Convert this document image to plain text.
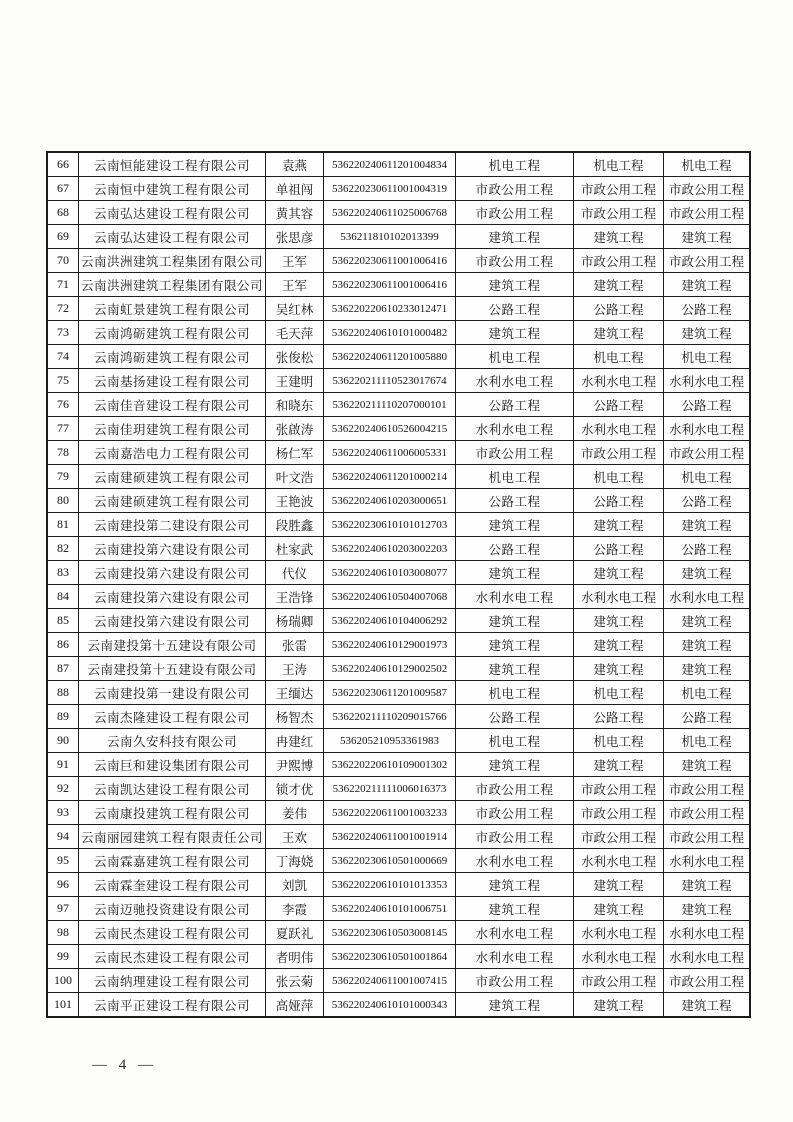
66	云南恒能建设工程有限公司	袁燕	536220240611201004834	机电工程	机电工程	机电工程
67	云南恒中建筑工程有限公司	单祖闯	536220230611001004319	市政公用工程	市政公用工程	市政公用工程
68	云南弘达建设工程有限公司	黄其容	536220240611025006768	市政公用工程	市政公用工程	市政公用工程
69	云南弘达建设工程有限公司	张思彦	536211810102013399	建筑工程	建筑工程	建筑工程
70	云南洪洲建筑工程集团有限公司	王军	536220230611001006416	市政公用工程	市政公用工程	市政公用工程
71	云南洪洲建筑工程集团有限公司	王军	536220230611001006416	建筑工程	建筑工程	建筑工程
72	云南虹景建筑工程有限公司	吴红林	536220220610233012471	公路工程	公路工程	公路工程
73	云南鸿砺建筑工程有限公司	毛天萍	536220240610101000482	建筑工程	建筑工程	建筑工程
74	云南鸿砺建筑工程有限公司	张俊松	536220240611201005880	机电工程	机电工程	机电工程
75	云南基扬建设工程有限公司	王建明	536220211110523017674	水利水电工程	水利水电工程	水利水电工程
76	云南佳音建设工程有限公司	和晓东	536220211110207000101	公路工程	公路工程	公路工程
77	云南佳玥建筑工程有限公司	张啟涛	536220240610526004215	水利水电工程	水利水电工程	水利水电工程
78	云南嘉浩电力工程有限公司	杨仁军	536220240611006005331	市政公用工程	市政公用工程	市政公用工程
79	云南建硕建筑工程有限公司	叶文浩	536220240611201000214	机电工程	机电工程	机电工程
80	云南建硕建筑工程有限公司	王艳波	536220240610203000651	公路工程	公路工程	公路工程
81	云南建投第二建设有限公司	段胜鑫	536220230610101012703	建筑工程	建筑工程	建筑工程
82	云南建投第六建设有限公司	杜家武	536220240610203002203	公路工程	公路工程	公路工程
83	云南建投第六建设有限公司	代仪	536220240610103008077	建筑工程	建筑工程	建筑工程
84	云南建投第六建设有限公司	王浩锋	536220240610504007068	水利水电工程	水利水电工程	水利水电工程
85	云南建投第六建设有限公司	杨瑞卿	536220240610104006292	建筑工程	建筑工程	建筑工程
86	云南建投第十五建设有限公司	张雷	536220240610129001973	建筑工程	建筑工程	建筑工程
87	云南建投第十五建设有限公司	王涛	536220240610129002502	建筑工程	建筑工程	建筑工程
88	云南建投第一建设有限公司	王缅达	536220230611201009587	机电工程	机电工程	机电工程
89	云南杰隆建设工程有限公司	杨智杰	536220211110209015766	公路工程	公路工程	公路工程
90	云南久安科技有限公司	冉建红	536205210953361983	机电工程	机电工程	机电工程
91	云南巨和建设集团有限公司	尹熙博	536220220610109001302	建筑工程	建筑工程	建筑工程
92	云南凯达建设工程有限公司	锁才优	536220211111006016373	市政公用工程	市政公用工程	市政公用工程
93	云南康投建筑工程有限公司	姜伟	536220220611001003233	市政公用工程	市政公用工程	市政公用工程
94	云南丽园建筑工程有限责任公司	王欢	536220240611001001914	市政公用工程	市政公用工程	市政公用工程
95	云南霖嘉建筑工程有限公司	丁海娆	536220230610501000669	水利水电工程	水利水电工程	水利水电工程
96	云南霖奎建设工程有限公司	刘凯	536220220610101013353	建筑工程	建筑工程	建筑工程
97	云南迈驰投资建设有限公司	李霞	536220240610101006751	建筑工程	建筑工程	建筑工程
98	云南民杰建设工程有限公司	夏跃礼	536220230610503008145	水利水电工程	水利水电工程	水利水电工程
99	云南民杰建设工程有限公司	者明伟	536220230610501001864	水利水电工程	水利水电工程	水利水电工程
100	云南纳理建设工程有限公司	张云菊	536220240611001007415	市政公用工程	市政公用工程	市政公用工程
101	云南平正建设工程有限公司	高娅萍	536220240610101000343	建筑工程	建筑工程	建筑工程
— 4 —
